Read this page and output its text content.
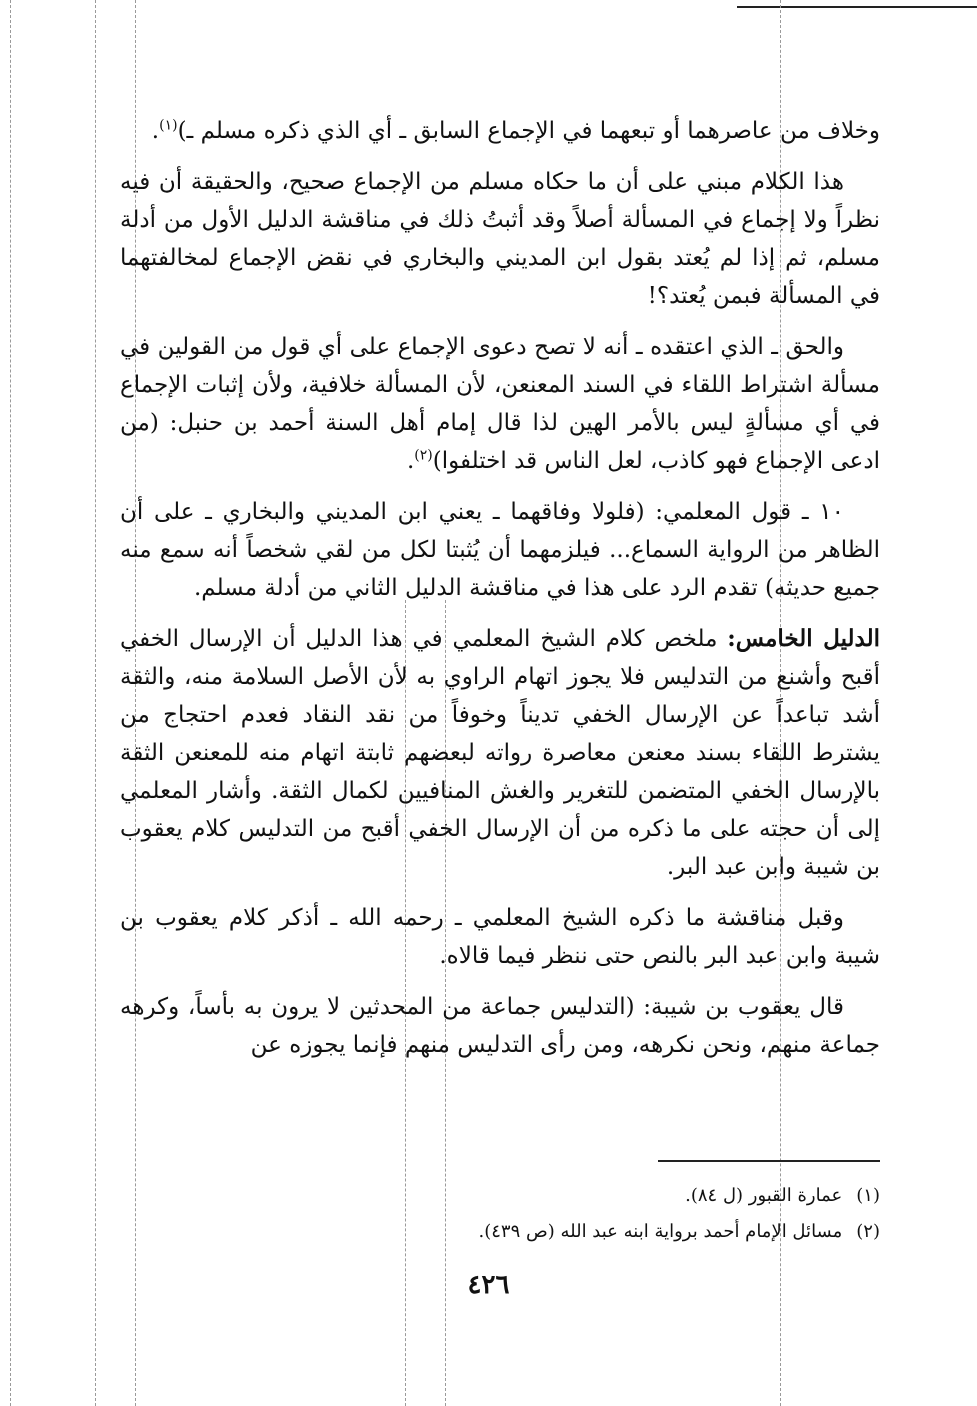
وخلاف من عاصرهما أو تبعهما في الإجماع السابق ـ أي الذي ذكره مسلم ـ)$^{(١)}$.

هذا الكلام مبني على أن ما حكاه مسلم من الإجماع صحيح، والحقيقة أن فيه نظراً ولا إجماع في المسألة أصلاً وقد أثبتُ ذلك في مناقشة الدليل الأول من أدلة مسلم، ثم إذا لم يُعتد بقول ابن المديني والبخاري في نقض الإجماع لمخالفتهما في المسألة فبمن يُعتد؟!

والحق ـ الذي اعتقده ـ أنه لا تصح دعوى الإجماع على أي قول من القولين في مسألة اشتراط اللقاء في السند المعنعن، لأن المسألة خلافية، ولأن إثبات الإجماع في أي مسألةٍ ليس بالأمر الهين لذا قال إمام أهل السنة أحمد بن حنبل: (من ادعى الإجماع فهو كاذب، لعل الناس قد اختلفوا)$^{(٢)}$.

١٠ ـ قول المعلمي: (فلولا وفاقهما ـ يعني ابن المديني والبخاري ـ على أن الظاهر من الرواية السماع... فيلزمهما أن يُثبتا لكل من لقي شخصاً أنه سمع منه جميع حديثه) تقدم الرد على هذا في مناقشة الدليل الثاني من أدلة مسلم.

الدليل الخامس: ملخص كلام الشيخ المعلمي في هذا الدليل أن الإرسال الخفي أقبح وأشنع من التدليس فلا يجوز اتهام الراوي به لأن الأصل السلامة منه، والثقة أشد تباعداً عن الإرسال الخفي تديناً وخوفاً من نقد النقاد فعدم احتجاج من يشترط اللقاء بسند معنعن معاصرة رواته لبعضهم ثابتة اتهام منه للمعنعن الثقة بالإرسال الخفي المتضمن للتغرير والغش المنافيين لكمال الثقة. وأشار المعلمي إلى أن حجته على ما ذكره من أن الإرسال الخفي أقبح من التدليس كلام يعقوب بن شيبة وابن عبد البر.

وقبل مناقشة ما ذكره الشيخ المعلمي ـ رحمه الله ـ أذكر كلام يعقوب بن شيبة وابن عبد البر بالنص حتى ننظر فيما قالاه.

قال يعقوب بن شيبة: (التدليس جماعة من المحدثين لا يرون به بأساً، وكرهه جماعة منهم، ونحن نكرهه، ومن رأى التدليس منهم فإنما يجوزه عن

(١)عمارة القبور (ل ٨٤).

(٢)مسائل الإمام أحمد برواية ابنه عبد الله (ص ٤٣٩).

٤٢٦
